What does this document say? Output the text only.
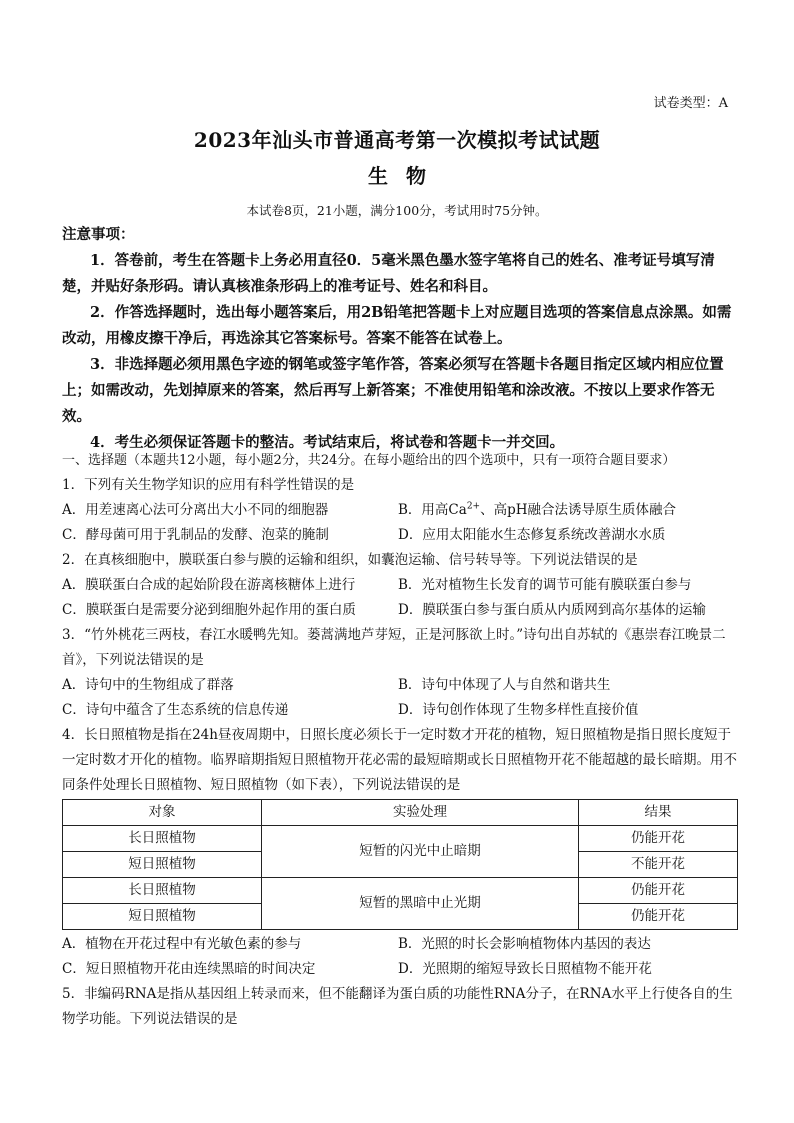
试卷类型：A
2023年汕头市普通高考第一次模拟考试试题
生物
本试卷8页，21小题，满分100分，考试用时75分钟。

注意事项：

1．答卷前，考生在答题卡上务必用直径0．5毫米黑色墨水签字笔将自己的姓名、准考证号填写清楚，并贴好条形码。请认真核准条形码上的准考证号、姓名和科目。

2．作答选择题时，选出每小题答案后，用2B铅笔把答题卡上对应题目选项的答案信息点涂黑。如需改动，用橡皮擦干净后，再选涂其它答案标号。答案不能答在试卷上。

3．非选择题必须用黑色字迹的钢笔或签字笔作答，答案必须写在答题卡各题目指定区域内相应位置上；如需改动，先划掉原来的答案，然后再写上新答案；不准使用铅笔和涂改液。不按以上要求作答无效。

4．考生必须保证答题卡的整洁。考试结束后，将试卷和答题卡一并交回。

一、选择题（本题共12小题，每小题2分，共24分。在每小题给出的四个选项中，只有一项符合题目要求）

1．下列有关生物学知识的应用有科学性错误的是

A．用差速离心法可分离出大小不同的细胞器	B．用高$Ca^{2+}$、高pH融合法诱导原生质体融合
C．酵母菌可用于乳制品的发酵、泡菜的腌制	D．应用太阳能水生态修复系统改善湖水水质

2．在真核细胞中，膜联蛋白参与膜的运输和组织，如囊泡运输、信号转导等。下列说法错误的是

A．膜联蛋白合成的起始阶段在游离核糖体上进行	B．光对植物生长发育的调节可能有膜联蛋白参与
C．膜联蛋白是需要分泌到细胞外起作用的蛋白质	D．膜联蛋白参与蛋白质从内质网到高尔基体的运输

3．“竹外桃花三两枝，春江水暖鸭先知。蒌蒿满地芦芽短，正是河豚欲上时。”诗句出自苏轼的《惠崇春江晚景二首》，下列说法错误的是

A．诗句中的生物组成了群落	B．诗句中体现了人与自然和谐共生
C．诗句中蕴含了生态系统的信息传递	D．诗句创作体现了生物多样性直接价值

4．长日照植物是指在24h昼夜周期中，日照长度必须长于一定时数才开花的植物，短日照植物是指日照长度短于一定时数才开化的植物。临界暗期指短日照植物开花必需的最短暗期或长日照植物开花不能超越的最长暗期。用不同条件处理长日照植物、短日照植物（如下表），下列说法错误的是

对象	实验处理	结果
长日照植物	短暂的闪光中止暗期	仍能开花
短日照植物		不能开花
长日照植物	短暂的黑暗中止光期	仍能开花
短日照植物		仍能开花
A．植物在开花过程中有光敏色素的参与	B．光照的时长会影响植物体内基因的表达
C．短日照植物开花由连续黑暗的时间决定	D．光照期的缩短导致长日照植物不能开花

5．非编码RNA是指从基因组上转录而来，但不能翻译为蛋白质的功能性RNA分子，在RNA水平上行使各自的生物学功能。下列说法错误的是
